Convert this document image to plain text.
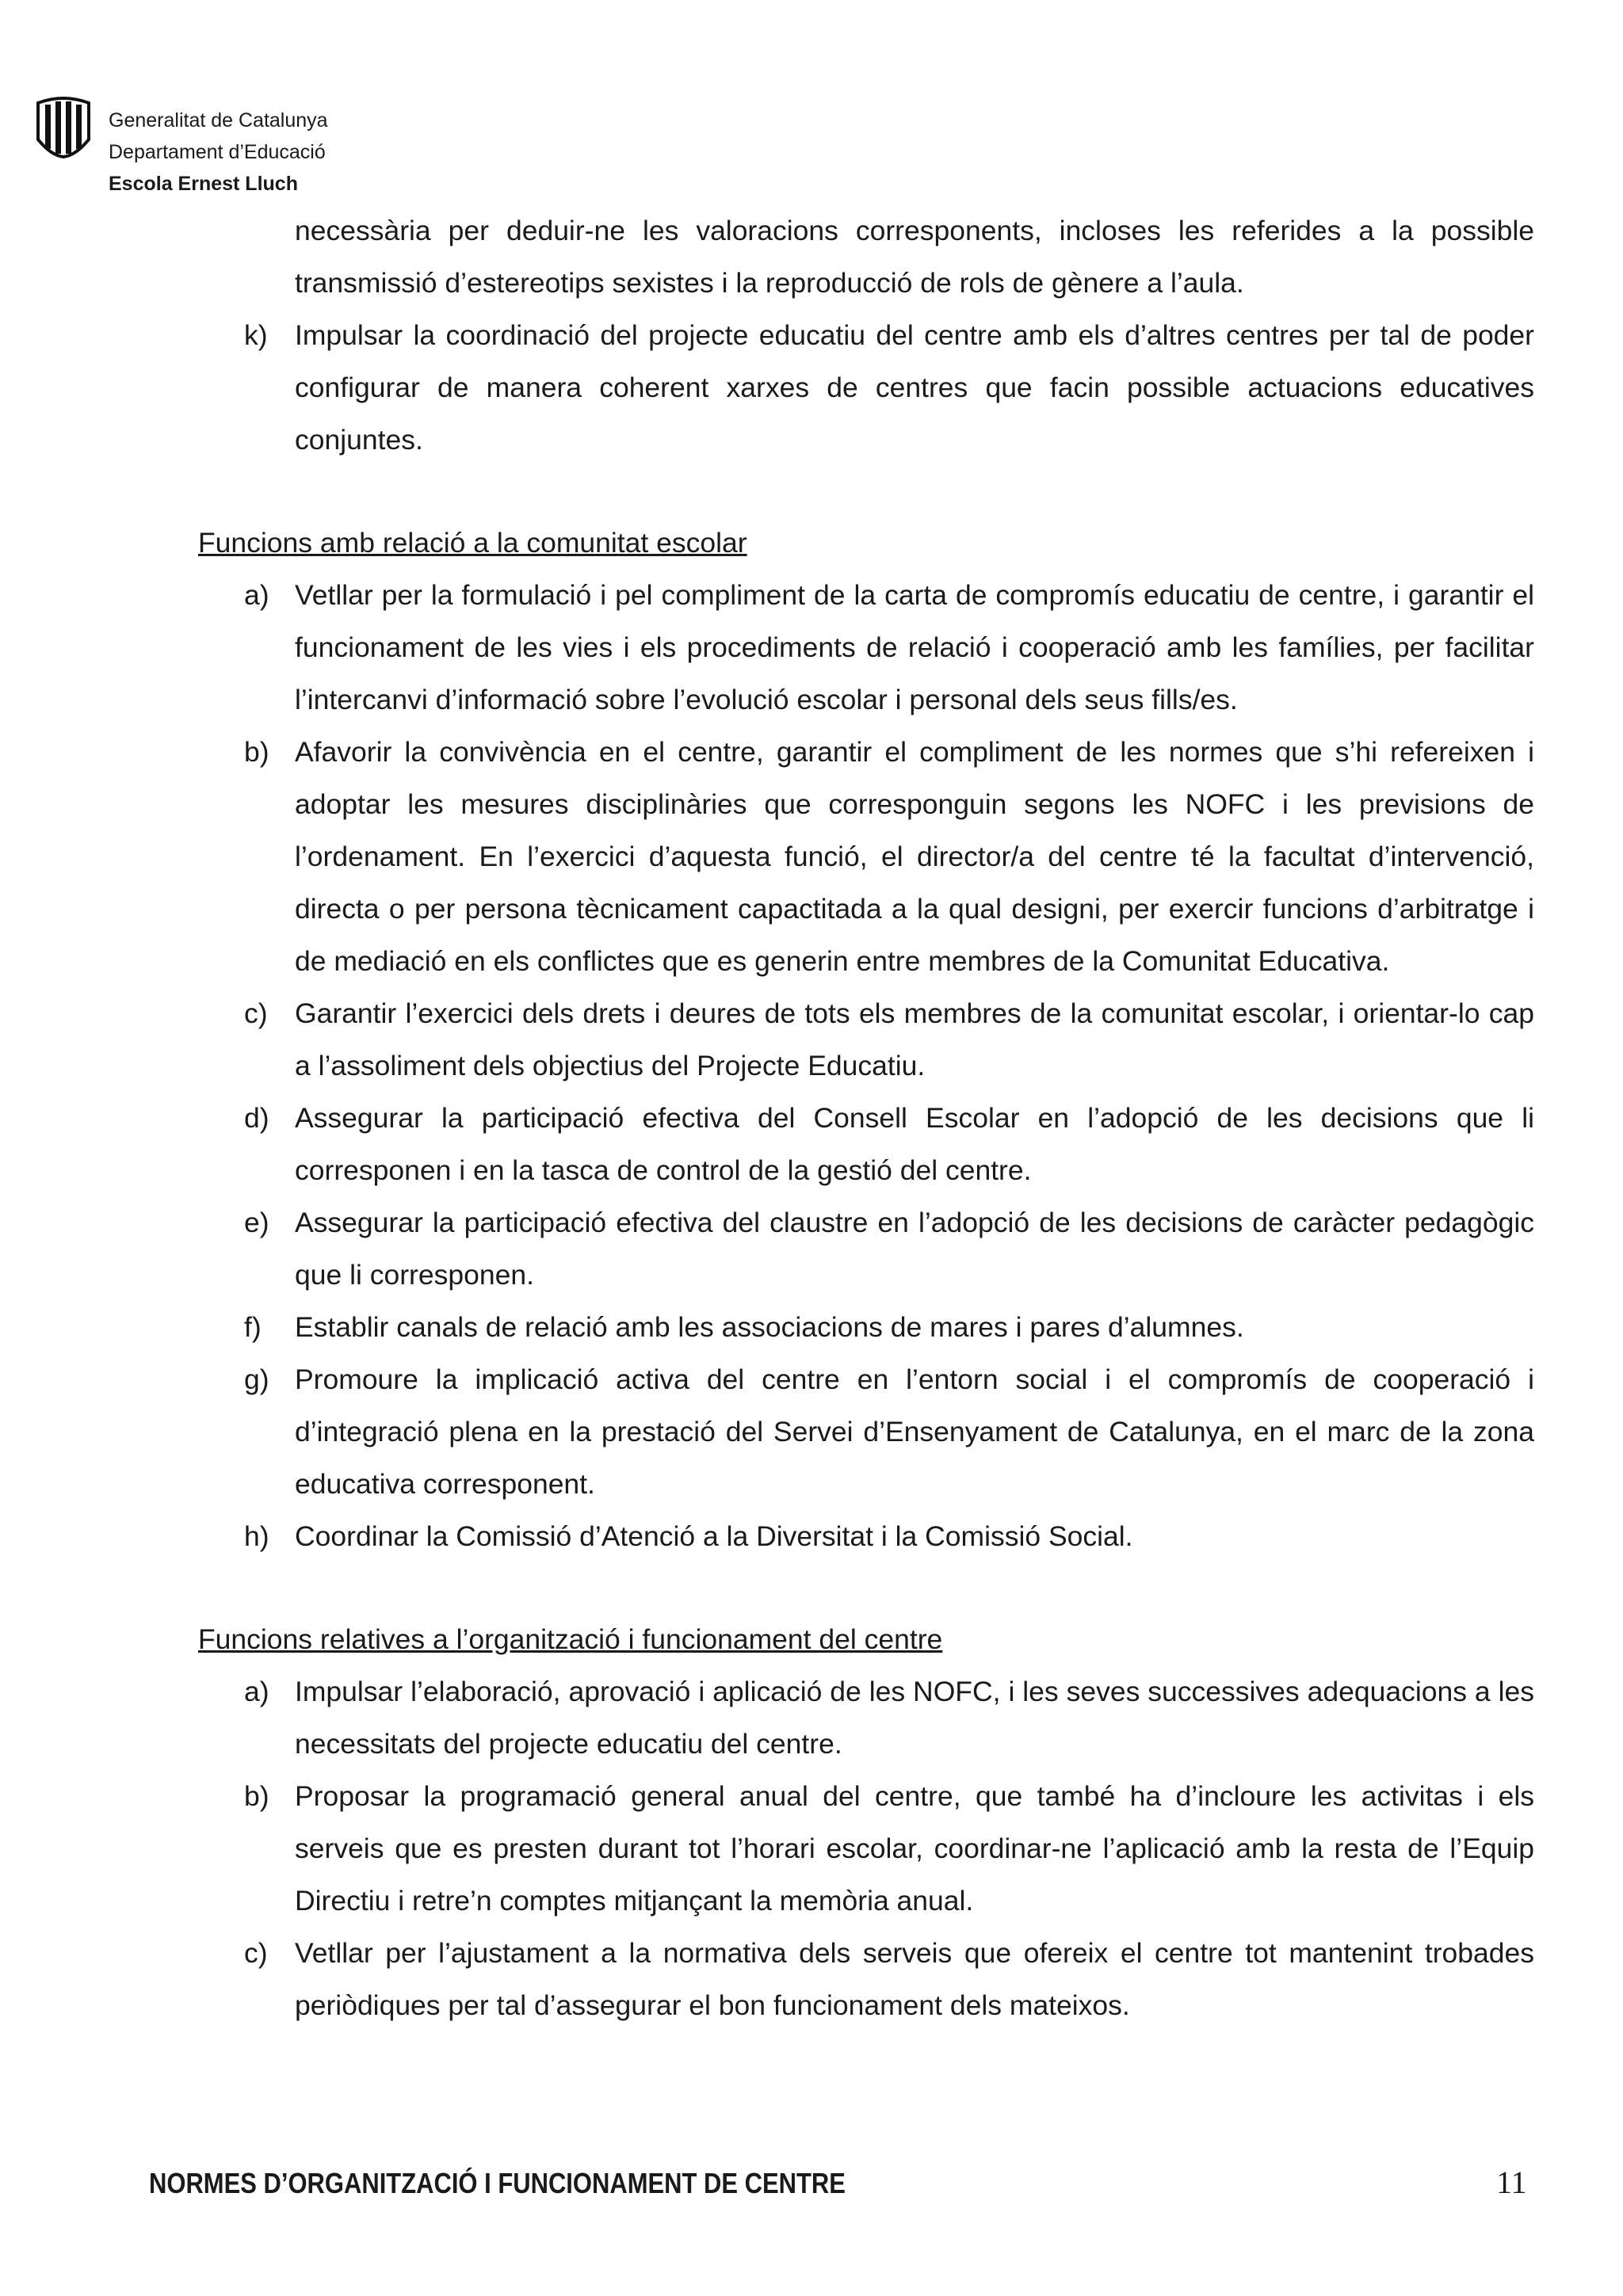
Generalitat de Catalunya
Departament d’Educació
Escola Ernest Lluch
necessària per deduir-ne les valoracions corresponents, incloses les referides a la possible transmissió d’estereotips sexistes i la reproducció de rols de gènere a l’aula.
k) Impulsar la coordinació del projecte educatiu del centre amb els d’altres centres per tal de poder configurar de manera coherent xarxes de centres que facin possible actuacions educatives conjuntes.
Funcions amb relació a la comunitat escolar
a) Vetllar per la formulació i pel compliment de la carta de compromís educatiu de centre, i garantir el funcionament de les vies i els procediments de relació i cooperació amb les famílies, per facilitar l’intercanvi d’informació sobre l’evolució escolar i personal dels seus fills/es.
b) Afavorir la convivència en el centre, garantir el compliment de les normes que s’hi refereixen i adoptar les mesures disciplinàries que corresponguin segons les NOFC i les previsions de l’ordenament. En l’exercici d’aquesta funció, el director/a del centre té la facultat d’intervenció, directa o per persona tècnicament capactitada a la qual designi, per exercir funcions d’arbitratge i de mediació en els conflictes que es generin entre membres de la Comunitat Educativa.
c) Garantir l’exercici dels drets i deures de tots els membres de la comunitat escolar, i orientar-lo cap a l’assoliment dels objectius del Projecte Educatiu.
d) Assegurar la participació efectiva del Consell Escolar en l’adopció de les decisions que li corresponen i en la tasca de control de la gestió del centre.
e) Assegurar la participació efectiva del claustre en l’adopció de les decisions de caràcter pedagògic que li corresponen.
f) Establir canals de relació amb les associacions de mares i pares d’alumnes.
g) Promoure la implicació activa del centre en l’entorn social i el compromís de cooperació i d’integració plena en la prestació del Servei d’Ensenyament de Catalunya, en el marc de la zona educativa corresponent.
h) Coordinar la Comissió d’Atenció a la Diversitat i la Comissió Social.
Funcions relatives a l’organització i funcionament del centre
a) Impulsar l’elaboració, aprovació i aplicació de les NOFC, i les seves successives adequacions a les necessitats del projecte educatiu del centre.
b) Proposar la programació general anual del centre, que també ha d’incloure les activitas i els serveis que es presten durant tot l’horari escolar, coordinar-ne l’aplicació amb la resta de l’Equip Directiu i retre’n comptes mitjançant la memòria anual.
c) Vetllar per l’ajustament a la normativa dels serveis que ofereix el centre tot mantenint trobades periòdiques per tal d’assegurar el bon funcionament dels mateixos.
NORMES D’ORGANITZACIÓ I FUNCIONAMENT DE CENTRE	11
